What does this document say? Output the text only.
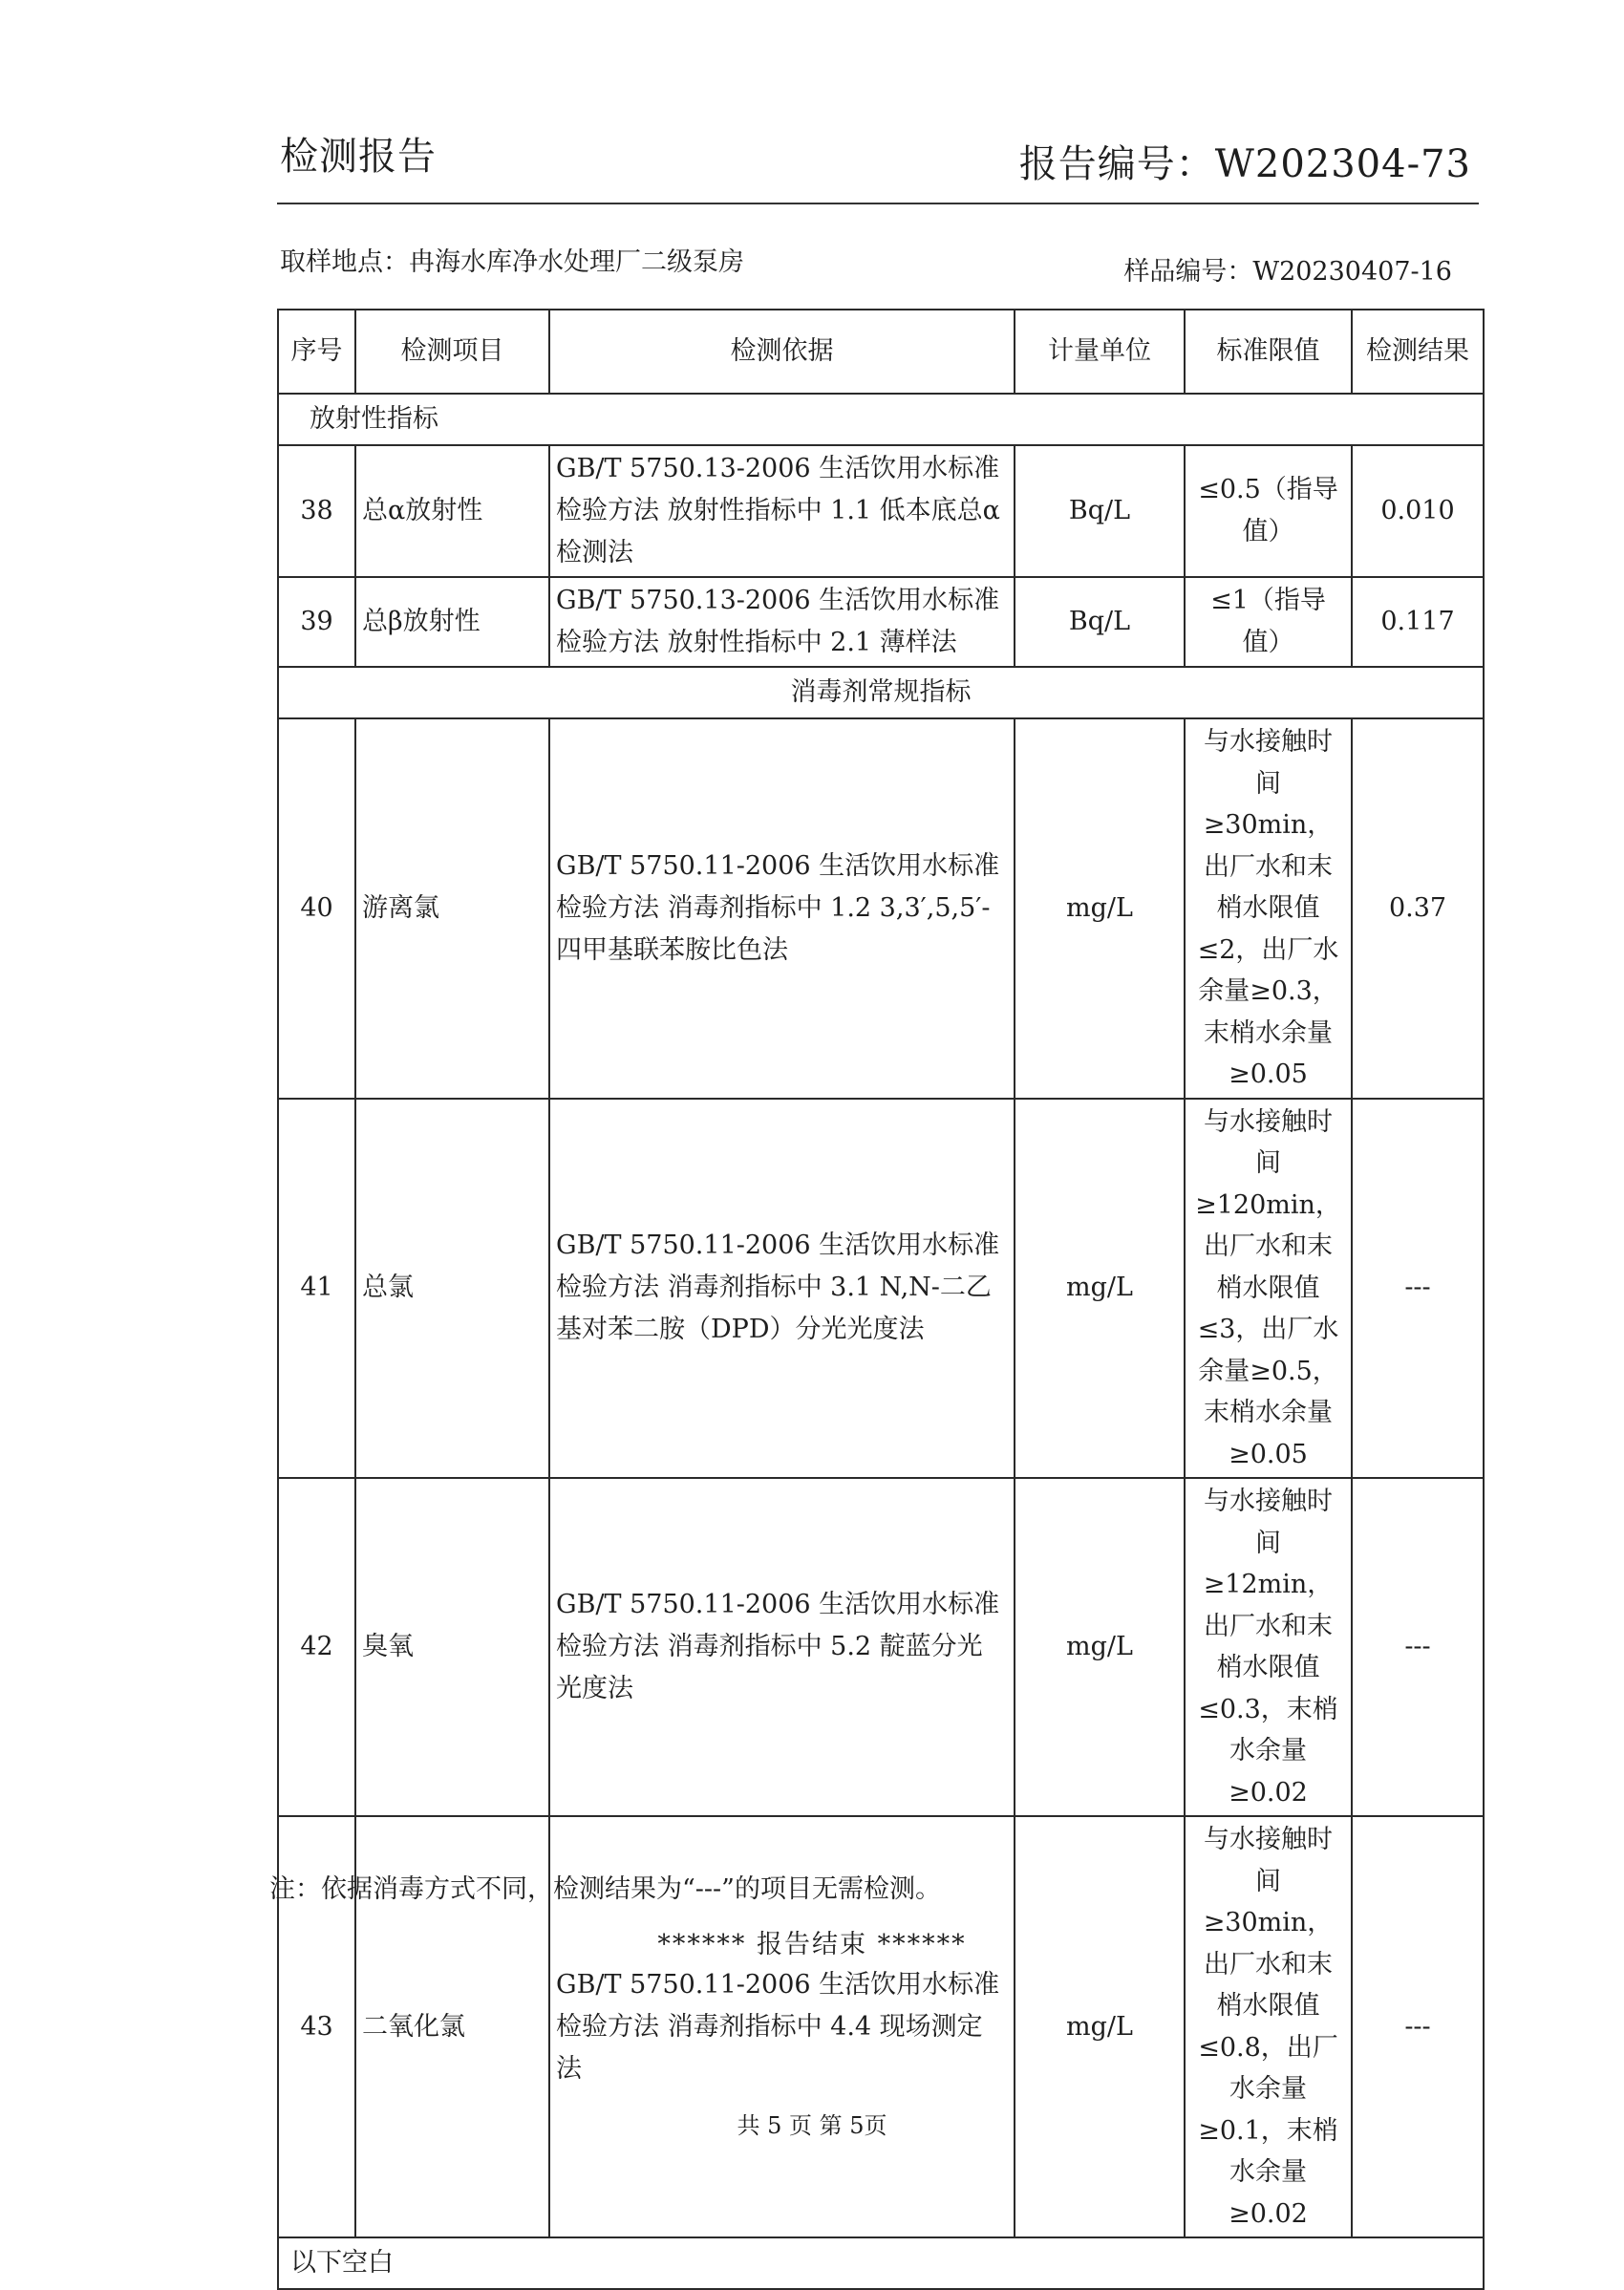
检测报告	报告编号：W202304-73
取样地点：冉海水库净水处理厂二级泵房	样品编号：W20230407-16
序号	检测项目	检测依据	计量单位	标准限值	检测结果
放射性指标					
38	总α放射性	GB/T 5750.13-2006 生活饮用水标准检验方法 放射性指标中 1.1 低本底总α检测法	Bq/L	≤0.5（指导值）	0.010
39	总β放射性	GB/T 5750.13-2006 生活饮用水标准检验方法 放射性指标中 2.1 薄样法	Bq/L	≤1（指导值）	0.117
消毒剂常规指标					
40	游离氯	GB/T 5750.11-2006 生活饮用水标准检验方法 消毒剂指标中 1.2 3,3′,5,5′-四甲基联苯胺比色法	mg/L	与水接触时间≥30min，出厂水和末梢水限值≤2，出厂水余量≥0.3，末梢水余量≥0.05	0.37
41	总氯	GB/T 5750.11-2006 生活饮用水标准检验方法 消毒剂指标中 3.1 N,N-二乙基对苯二胺（DPD）分光光度法	mg/L	与水接触时间≥120min，出厂水和末梢水限值≤3，出厂水余量≥0.5，末梢水余量≥0.05	---
42	臭氧	GB/T 5750.11-2006 生活饮用水标准检验方法 消毒剂指标中 5.2 靛蓝分光光度法	mg/L	与水接触时间≥12min，出厂水和末梢水限值≤0.3，末梢水余量≥0.02	---
43	二氧化氯	GB/T 5750.11-2006 生活饮用水标准检验方法 消毒剂指标中 4.4 现场测定法	mg/L	与水接触时间≥30min，出厂水和末梢水限值≤0.8，出厂水余量≥0.1，末梢水余量≥0.02	---
以下空白					
注：依据消毒方式不同，检测结果为“---”的项目无需检测。
****** 报告结束 ******
共 5 页 第 5页
